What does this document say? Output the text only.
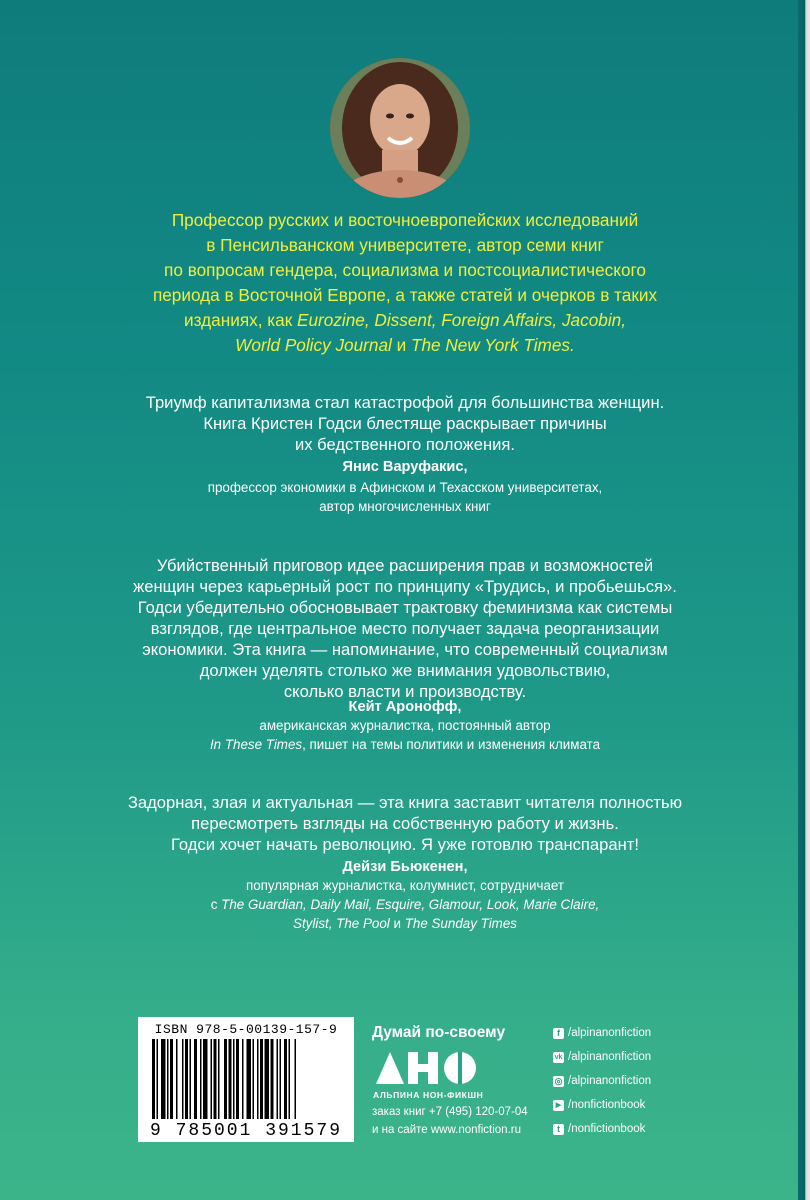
Профессор русских и восточноевропейских исследований
в Пенсильванском университете, автор семи книг
по вопросам гендера, социализма и постсоциалистического
периода в Восточной Европе, а также статей и очерков в таких
изданиях, как Eurozine, Dissent, Foreign Affairs, Jacobin,
World Policy Journal и The New York Times.
Триумф капитализма стал катастрофой для большинства женщин.
Книга Кристен Годси блестяще раскрывает причины
их бедственного положения.
Янис Варуфакис,
профессор экономики в Афинском и Техасском университетах,
автор многочисленных книг
Убийственный приговор идее расширения прав и возможностей
женщин через карьерный рост по принципу «Трудись, и пробьешься».
Годси убедительно обосновывает трактовку феминизма как системы
взглядов, где центральное место получает задача реорганизации
экономики. Эта книга — напоминание, что современный социализм
должен уделять столько же внимания удовольствию,
сколько власти и производству.
Кейт Аронофф,
американская журналистка, постоянный автор
In These Times, пишет на темы политики и изменения климата
Задорная, злая и актуальная — эта книга заставит читателя полностью
пересмотреть взгляды на собственную работу и жизнь.
Годси хочет начать революцию. Я уже готовлю транспарант!
Дейзи Бьюкенен,
популярная журналистка, колумнист, сотрудничает
с The Guardian, Daily Mail, Esquire, Glamour, Look, Marie Claire,
Stylist, The Pool и The Sunday Times
ISBN 978-5-00139-157-9
9 785001 391579
Думай по-своему
АЛЬПИНА НОН-ФИКШН
заказ книг +7 (495) 120-07-04
и на сайте www.nonfiction.ru
f /alpinanonfiction
vk /alpinanonfiction
◎ /alpinanonfiction
▶ /nonfictionbook
t /nonfictionbook
